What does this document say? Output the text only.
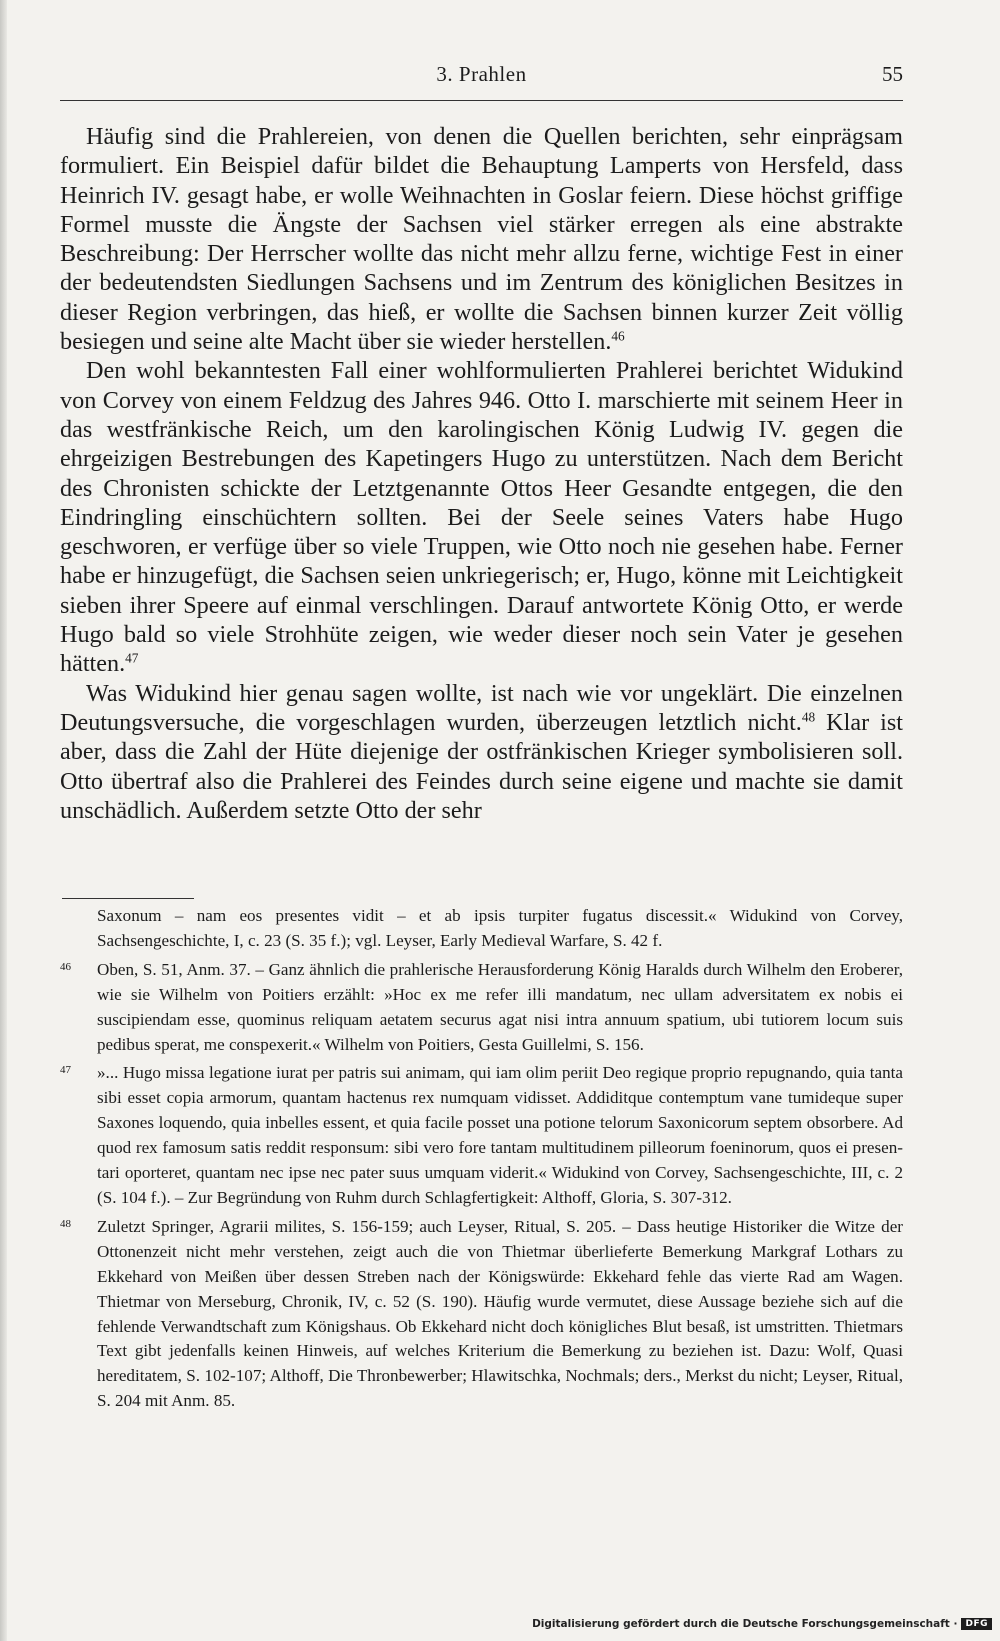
3. Prahlen	55

Häufig sind die Prahlereien, von denen die Quellen berichten, sehr einprägsam formuliert. Ein Beispiel dafür bildet die Behauptung Lamperts von Hersfeld, dass Heinrich IV. gesagt habe, er wolle Weihnachten in Goslar feiern. Diese höchst griffige Formel musste die Ängste der Sachsen viel stärker erregen als eine abstrakte Beschreibung: Der Herrscher wollte das nicht mehr allzu ferne, wichtige Fest in einer der bedeutendsten Siedlungen Sachsens und im Zentrum des königlichen Besitzes in dieser Region verbringen, das hieß, er wollte die Sachsen binnen kurzer Zeit völlig besiegen und seine alte Macht über sie wieder herstellen.$^{46}$

Den wohl bekanntesten Fall einer wohlformulierten Prahlerei berichtet Widukind von Corvey von einem Feldzug des Jahres 946. Otto I. marschierte mit seinem Heer in das westfränkische Reich, um den karolingischen König Ludwig IV. gegen die ehrgeizigen Bestrebungen des Kapetingers Hugo zu unterstützen. Nach dem Bericht des Chronisten schickte der Letztgenannte Ottos Heer Gesandte entgegen, die den Eindringling einschüchtern sollten. Bei der Seele seines Vaters habe Hugo geschworen, er verfüge über so viele Truppen, wie Otto noch nie gesehen habe. Ferner habe er hinzugefügt, die Sachsen seien unkriegerisch; er, Hugo, könne mit Leichtigkeit sieben ihrer Speere auf einmal verschlingen. Darauf antwortete König Otto, er werde Hugo bald so viele Strohhüte zeigen, wie weder dieser noch sein Vater je gesehen hätten.$^{47}$

Was Widukind hier genau sagen wollte, ist nach wie vor ungeklärt. Die einzelnen Deutungsversuche, die vorgeschlagen wurden, überzeugen letztlich nicht.$^{48}$ Klar ist aber, dass die Zahl der Hüte diejenige der ostfränkischen Krieger symbolisieren soll. Otto übertraf also die Prahlerei des Feindes durch seine eigene und machte sie damit unschädlich. Außerdem setzte Otto der sehr

Saxonum – nam eos presentes vidit – et ab ipsis turpiter fugatus discessit.« Widukind von Corvey, Sachsengeschichte, I, c. 23 (S. 35 f.); vgl. Leyser, Early Medieval Warfare, S. 42 f.
46 Oben, S. 51, Anm. 37. – Ganz ähnlich die prahlerische Herausforderung König Haralds durch Wilhelm den Eroberer, wie sie Wilhelm von Poitiers erzählt: »Hoc ex me refer illi mandatum, nec ullam adversitatem ex nobis ei suscipiendam esse, quominus reliquam aetatem securus agat nisi intra annuum spatium, ubi tutiorem locum suis pedibus sperat, me conspexerit.« Wilhelm von Poitiers, Gesta Guillelmi, S. 156.
47 »... Hugo missa legatione iurat per patris sui animam, qui iam olim periit Deo regique proprio repugnando, quia tanta sibi esset copia armorum, quantam hactenus rex numquam vidisset. Addiditque contemptum vane tumideque super Saxones loquendo, quia inbelles essent, et quia facile posset una potione telorum Saxonicorum septem obsorbere. Ad quod rex famosum satis reddit responsum: sibi vero fore tantam multitudinem pilleorum foeninorum, quos ei presentari oporteret, quantam nec ipse nec pater suus umquam viderit.« Widukind von Corvey, Sachsengeschichte, III, c. 2 (S. 104 f.). – Zur Begründung von Ruhm durch Schlagfertigkeit: Althoff, Gloria, S. 307-312.
48 Zuletzt Springer, Agrarii milites, S. 156-159; auch Leyser, Ritual, S. 205. – Dass heutige Historiker die Witze der Ottonenzeit nicht mehr verstehen, zeigt auch die von Thietmar überlieferte Bemerkung Markgraf Lothars zu Ekkehard von Meißen über dessen Streben nach der Königswürde: Ekkehard fehle das vierte Rad am Wagen. Thietmar von Merseburg, Chronik, IV, c. 52 (S. 190). Häufig wurde vermutet, diese Aussage beziehe sich auf die fehlende Verwandtschaft zum Königshaus. Ob Ekkehard nicht doch königliches Blut besaß, ist umstritten. Thietmars Text gibt jedenfalls keinen Hinweis, auf welches Kriterium die Bemerkung zu beziehen ist. Dazu: Wolf, Quasi hereditatem, S. 102-107; Althoff, Die Thronbewerber; Hlawitschka, Nochmals; ders., Merkst du nicht; Leyser, Ritual, S. 204 mit Anm. 85.
Digitalisierung gefördert durch die Deutsche Forschungsgemeinschaft · DFG
